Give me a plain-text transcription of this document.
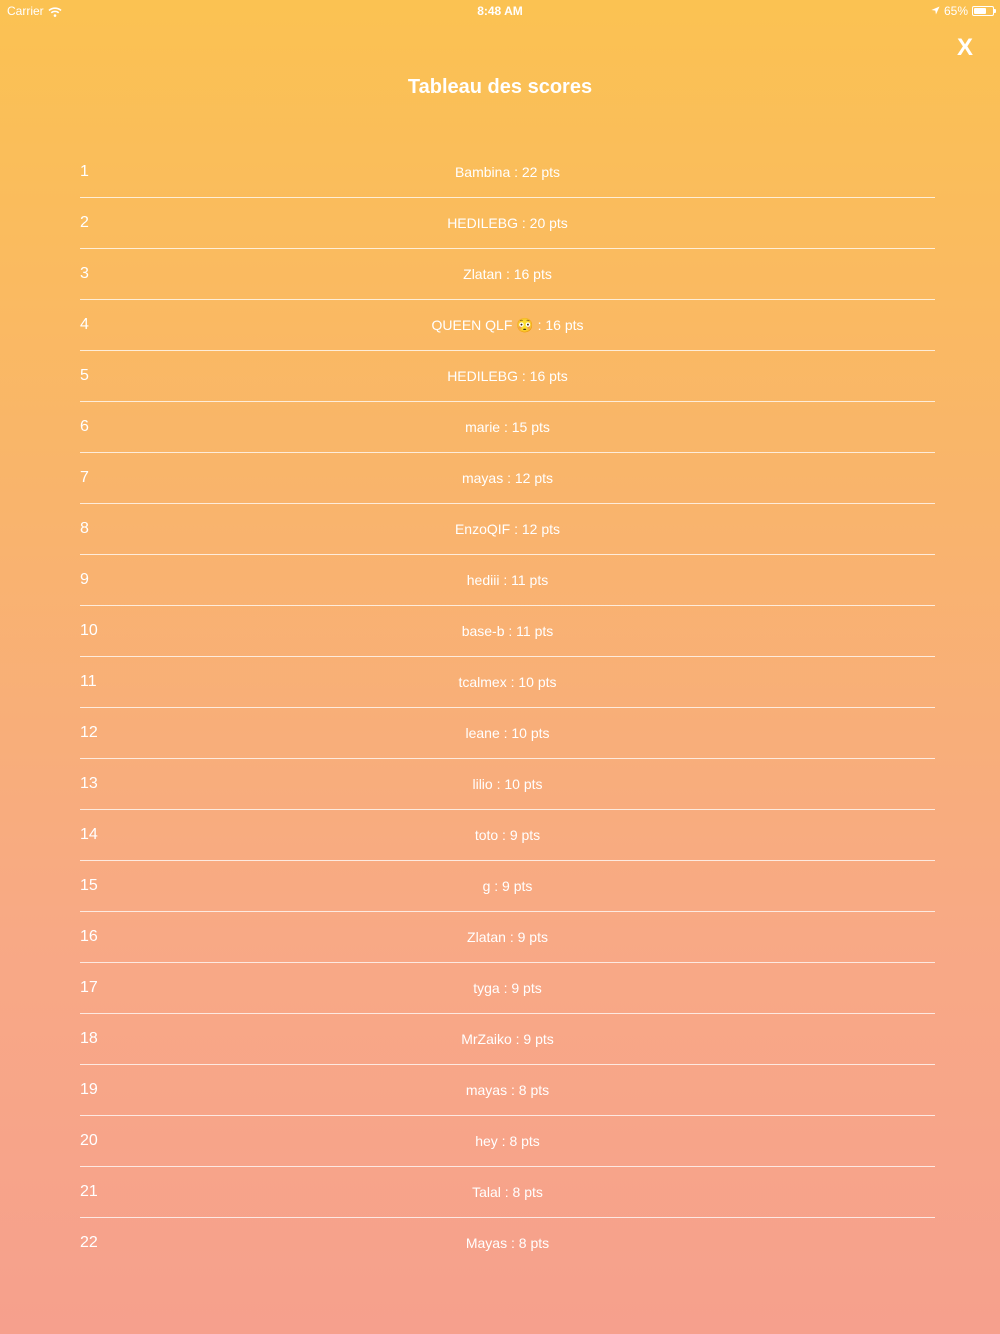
Carrier	8:48 AM	65%
X
Tableau des scores
1	Bambina : 22 pts
2	HEDILEBG : 20 pts
3	Zlatan : 16 pts
4	QUEEN QLF 😳 : 16 pts
5	HEDILEBG : 16 pts
6	marie : 15 pts
7	mayas : 12 pts
8	EnzoQIF : 12 pts
9	hediii : 11 pts
10	base-b : 11 pts
11	tcalmex : 10 pts
12	leane : 10 pts
13	lilio : 10 pts
14	toto : 9 pts
15	g : 9 pts
16	Zlatan : 9 pts
17	tyga : 9 pts
18	MrZaiko : 9 pts
19	mayas : 8 pts
20	hey : 8 pts
21	Talal : 8 pts
22	Mayas : 8 pts
